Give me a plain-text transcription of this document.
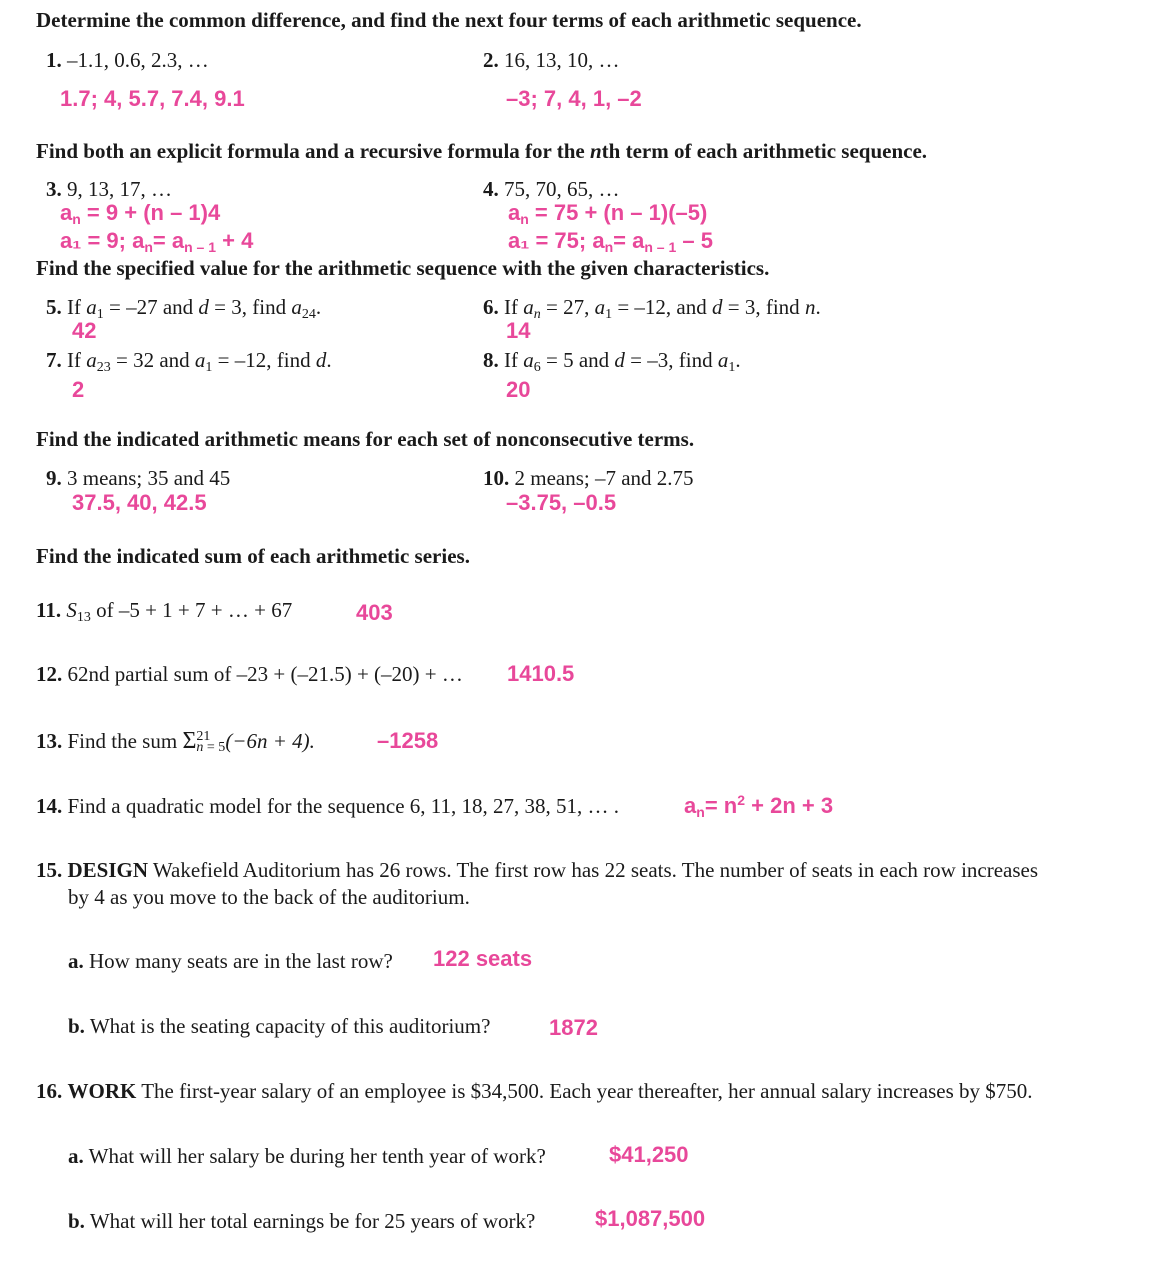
Determine the common difference, and find the next four terms of each arithmetic sequence.
1. –1.1, 0.6, 2.3, …	2. 16, 13, 10, …
1.7; 4, 5.7, 7.4, 9.1	–3; 7, 4, 1, –2
Find both an explicit formula and a recursive formula for the nth term of each arithmetic sequence.
3. 9, 13, 17, …	4. 75, 70, 65, …
$a_n = 9 + (n - 1)4$
a₁ = 9; $a_n= a_{n - 1} + 4$
$a_n = 75 + (n - 1)(-5)$
a₁ = 75; $a_n= a_{n - 1} - 5$
Find the specified value for the arithmetic sequence with the given characteristics.
5. If $a_1 = -27$ and d = 3, find $a_{24}$.
42
6. If $a_n = 27$, $a_1 = -12$, and d = 3, find n.
14
7. If $a_{23} = 32$ and $a_1 = -12$, find d.
2
8. If $a_6 = 5$ and d = –3, find $a_1$.
20
Find the indicated arithmetic means for each set of nonconsecutive terms.
9. 3 means; 35 and 45
37.5, 40, 42.5
10. 2 means; –7 and 2.75
–3.75, –0.5
Find the indicated sum of each arithmetic series.
11. $S_{13}$ of –5 + 1 + 7 + … + 67	403
12. 62nd partial sum of –23 + (–21.5) + (–20) + … 1410.5
13. Find the sum Σ 21
n = 5 (−6n + 4).	–1258
14. Find a quadratic model for the sequence 6, 11, 18, 27, 38, 51, … .	$a_n= n^2 + 2n + 3$
15. DESIGN Wakefield Auditorium has 26 rows. The first row has 22 seats. The number of seats in each row increases
by 4 as you move to the back of the auditorium.
a. How many seats are in the last row? 122 seats
b. What is the seating capacity of this auditorium?	1872
16. WORK The first-year salary of an employee is $34,500. Each year thereafter, her annual salary increases by $750.
a. What will her salary be during her tenth year of work?	$41,250
b. What will her total earnings be for 25 years of work?	$1,087,500
